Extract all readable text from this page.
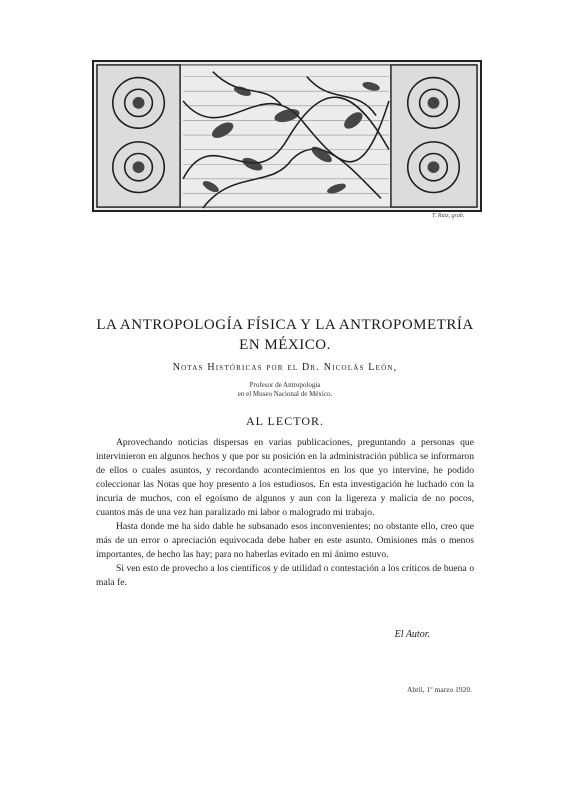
T. Ruiz, grab.
LA ANTROPOLOGÍA FÍSICA Y LA ANTROPOMETRÍA
EN MÉXICO.
Notas Históricas por el Dr. Nicolás León,
Profesor de Antropología
en el Museo Nacional de México.
AL LECTOR.

Aprovechando noticias dispersas en varias publicaciones, preguntando a personas que intervinieron en algunos hechos y que por su posición en la administración pública se informaron de ellos o cuales asuntos, y recordando acontecimientos en los que yo intervine, he podido coleccionar las Notas que hoy presento a los estudiosos. En esta investigación he luchado con la incuria de muchos, con el egoísmo de algunos y aun con la ligereza y malicia de no pocos, cuantos más de una vez han paralizado mi labor o malogrado mi trabajo.

Hasta donde me ha sido dable he subsanado esos inconvenientes; no obstante ello, creo que más de un error o apreciación equivocada debe haber en este asunto. Omisiones más o menos importantes, de hecho las hay; para no haberlas evitado en mi ánimo estuvo.

Si ven esto de provecho a los científicos y de utilidad o contestación a los críticos de buena o mala fe.

El Autor.
Abril, 1º marzo 1920.
